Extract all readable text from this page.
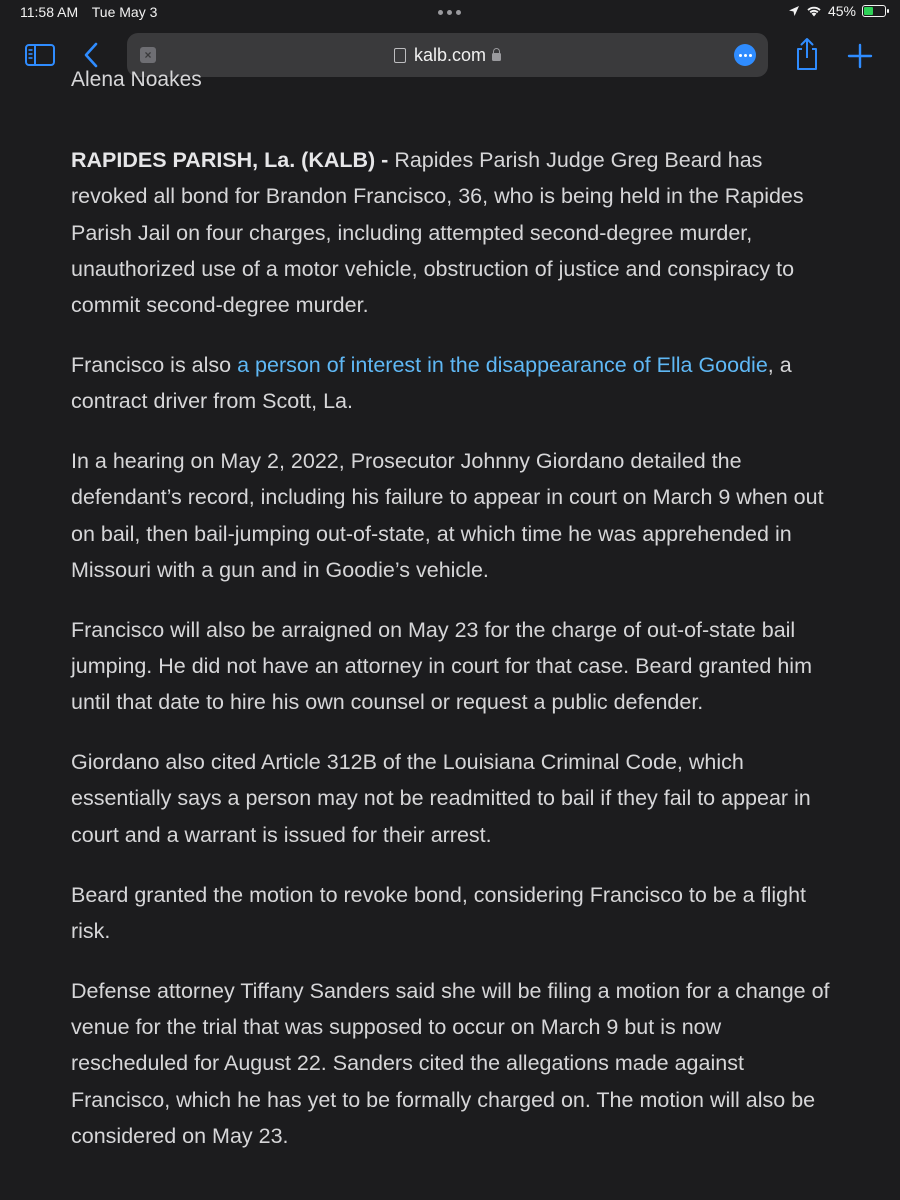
11:58 AM Tue May 3	45%
×	kalb.com
Alena Noakes

RAPIDES PARISH, La. (KALB) - Rapides Parish Judge Greg Beard has revoked all bond for Brandon Francisco, 36, who is being held in the Rapides Parish Jail on four charges, including attempted second-degree murder, unauthorized use of a motor vehicle, obstruction of justice and conspiracy to commit second-degree murder.

Francisco is also a person of interest in the disappearance of Ella Goodie, a contract driver from Scott, La.

In a hearing on May 2, 2022, Prosecutor Johnny Giordano detailed the defendant’s record, including his failure to appear in court on March 9 when out on bail, then bail-jumping out-of-state, at which time he was apprehended in Missouri with a gun and in Goodie’s vehicle.

Francisco will also be arraigned on May 23 for the charge of out-of-state bail jumping. He did not have an attorney in court for that case. Beard granted him until that date to hire his own counsel or request a public defender.

Giordano also cited Article 312B of the Louisiana Criminal Code, which essentially says a person may not be readmitted to bail if they fail to appear in court and a warrant is issued for their arrest.

Beard granted the motion to revoke bond, considering Francisco to be a flight risk.

Defense attorney Tiffany Sanders said she will be filing a motion for a change of venue for the trial that was supposed to occur on March 9 but is now rescheduled for August 22. Sanders cited the allegations made against Francisco, which he has yet to be formally charged on. The motion will also be considered on May 23.
